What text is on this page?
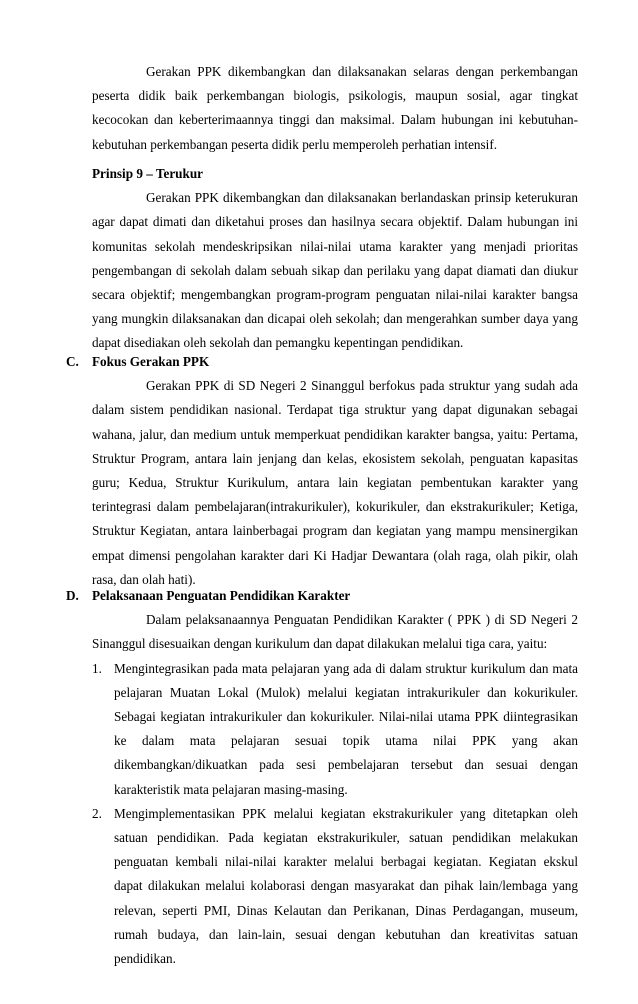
Gerakan PPK dikembangkan dan dilaksanakan selaras dengan perkembangan peserta didik baik perkembangan biologis, psikologis, maupun sosial, agar tingkat kecocokan dan keberterimaannya tinggi dan maksimal. Dalam hubungan ini kebutuhan-kebutuhan perkembangan peserta didik perlu memperoleh perhatian intensif.

Prinsip 9 – Terukur

Gerakan PPK dikembangkan dan dilaksanakan berlandaskan prinsip keterukuran agar dapat dimati dan diketahui proses dan hasilnya secara objektif. Dalam hubungan ini komunitas sekolah mendeskripsikan nilai-nilai utama karakter yang menjadi prioritas pengembangan di sekolah dalam sebuah sikap dan perilaku yang dapat diamati dan diukur secara objektif; mengembangkan program-program penguatan nilai-nilai karakter bangsa yang mungkin dilaksanakan dan dicapai oleh sekolah; dan mengerahkan sumber daya yang dapat disediakan oleh sekolah dan pemangku kepentingan pendidikan.

C. Fokus Gerakan PPK

Gerakan PPK di SD Negeri 2 Sinanggul berfokus pada struktur yang sudah ada dalam sistem pendidikan nasional. Terdapat tiga struktur yang dapat digunakan sebagai wahana, jalur, dan medium untuk memperkuat pendidikan karakter bangsa, yaitu: Pertama, Struktur Program, antara lain jenjang dan kelas, ekosistem sekolah, penguatan kapasitas guru; Kedua, Struktur Kurikulum, antara lain kegiatan pembentukan karakter yang terintegrasi dalam pembelajaran(intrakurikuler), kokurikuler, dan ekstrakurikuler; Ketiga, Struktur Kegiatan, antara lainberbagai program dan kegiatan yang mampu mensinergikan empat dimensi pengolahan karakter dari Ki Hadjar Dewantara (olah raga, olah pikir, olah rasa, dan olah hati).

D. Pelaksanaan Penguatan Pendidikan Karakter

Dalam pelaksanaannya Penguatan Pendidikan Karakter ( PPK ) di SD Negeri 2 Sinanggul disesuaikan dengan kurikulum dan dapat dilakukan melalui tiga cara, yaitu:

1. Mengintegrasikan pada mata pelajaran yang ada di dalam struktur kurikulum dan mata pelajaran Muatan Lokal (Mulok) melalui kegiatan intrakurikuler dan kokurikuler. Sebagai kegiatan intrakurikuler dan kokurikuler. Nilai-nilai utama PPK diintegrasikan ke dalam mata pelajaran sesuai topik utama nilai PPK yang akan dikembangkan/dikuatkan pada sesi pembelajaran tersebut dan sesuai dengan karakteristik mata pelajaran masing-masing.
2. Mengimplementasikan PPK melalui kegiatan ekstrakurikuler yang ditetapkan oleh satuan pendidikan. Pada kegiatan ekstrakurikuler, satuan pendidikan melakukan penguatan kembali nilai-nilai karakter melalui berbagai kegiatan. Kegiatan ekskul dapat dilakukan melalui kolaborasi dengan masyarakat dan pihak lain/lembaga yang relevan, seperti PMI, Dinas Kelautan dan Perikanan, Dinas Perdagangan, museum, rumah budaya, dan lain-lain, sesuai dengan kebutuhan dan kreativitas satuan pendidikan.
